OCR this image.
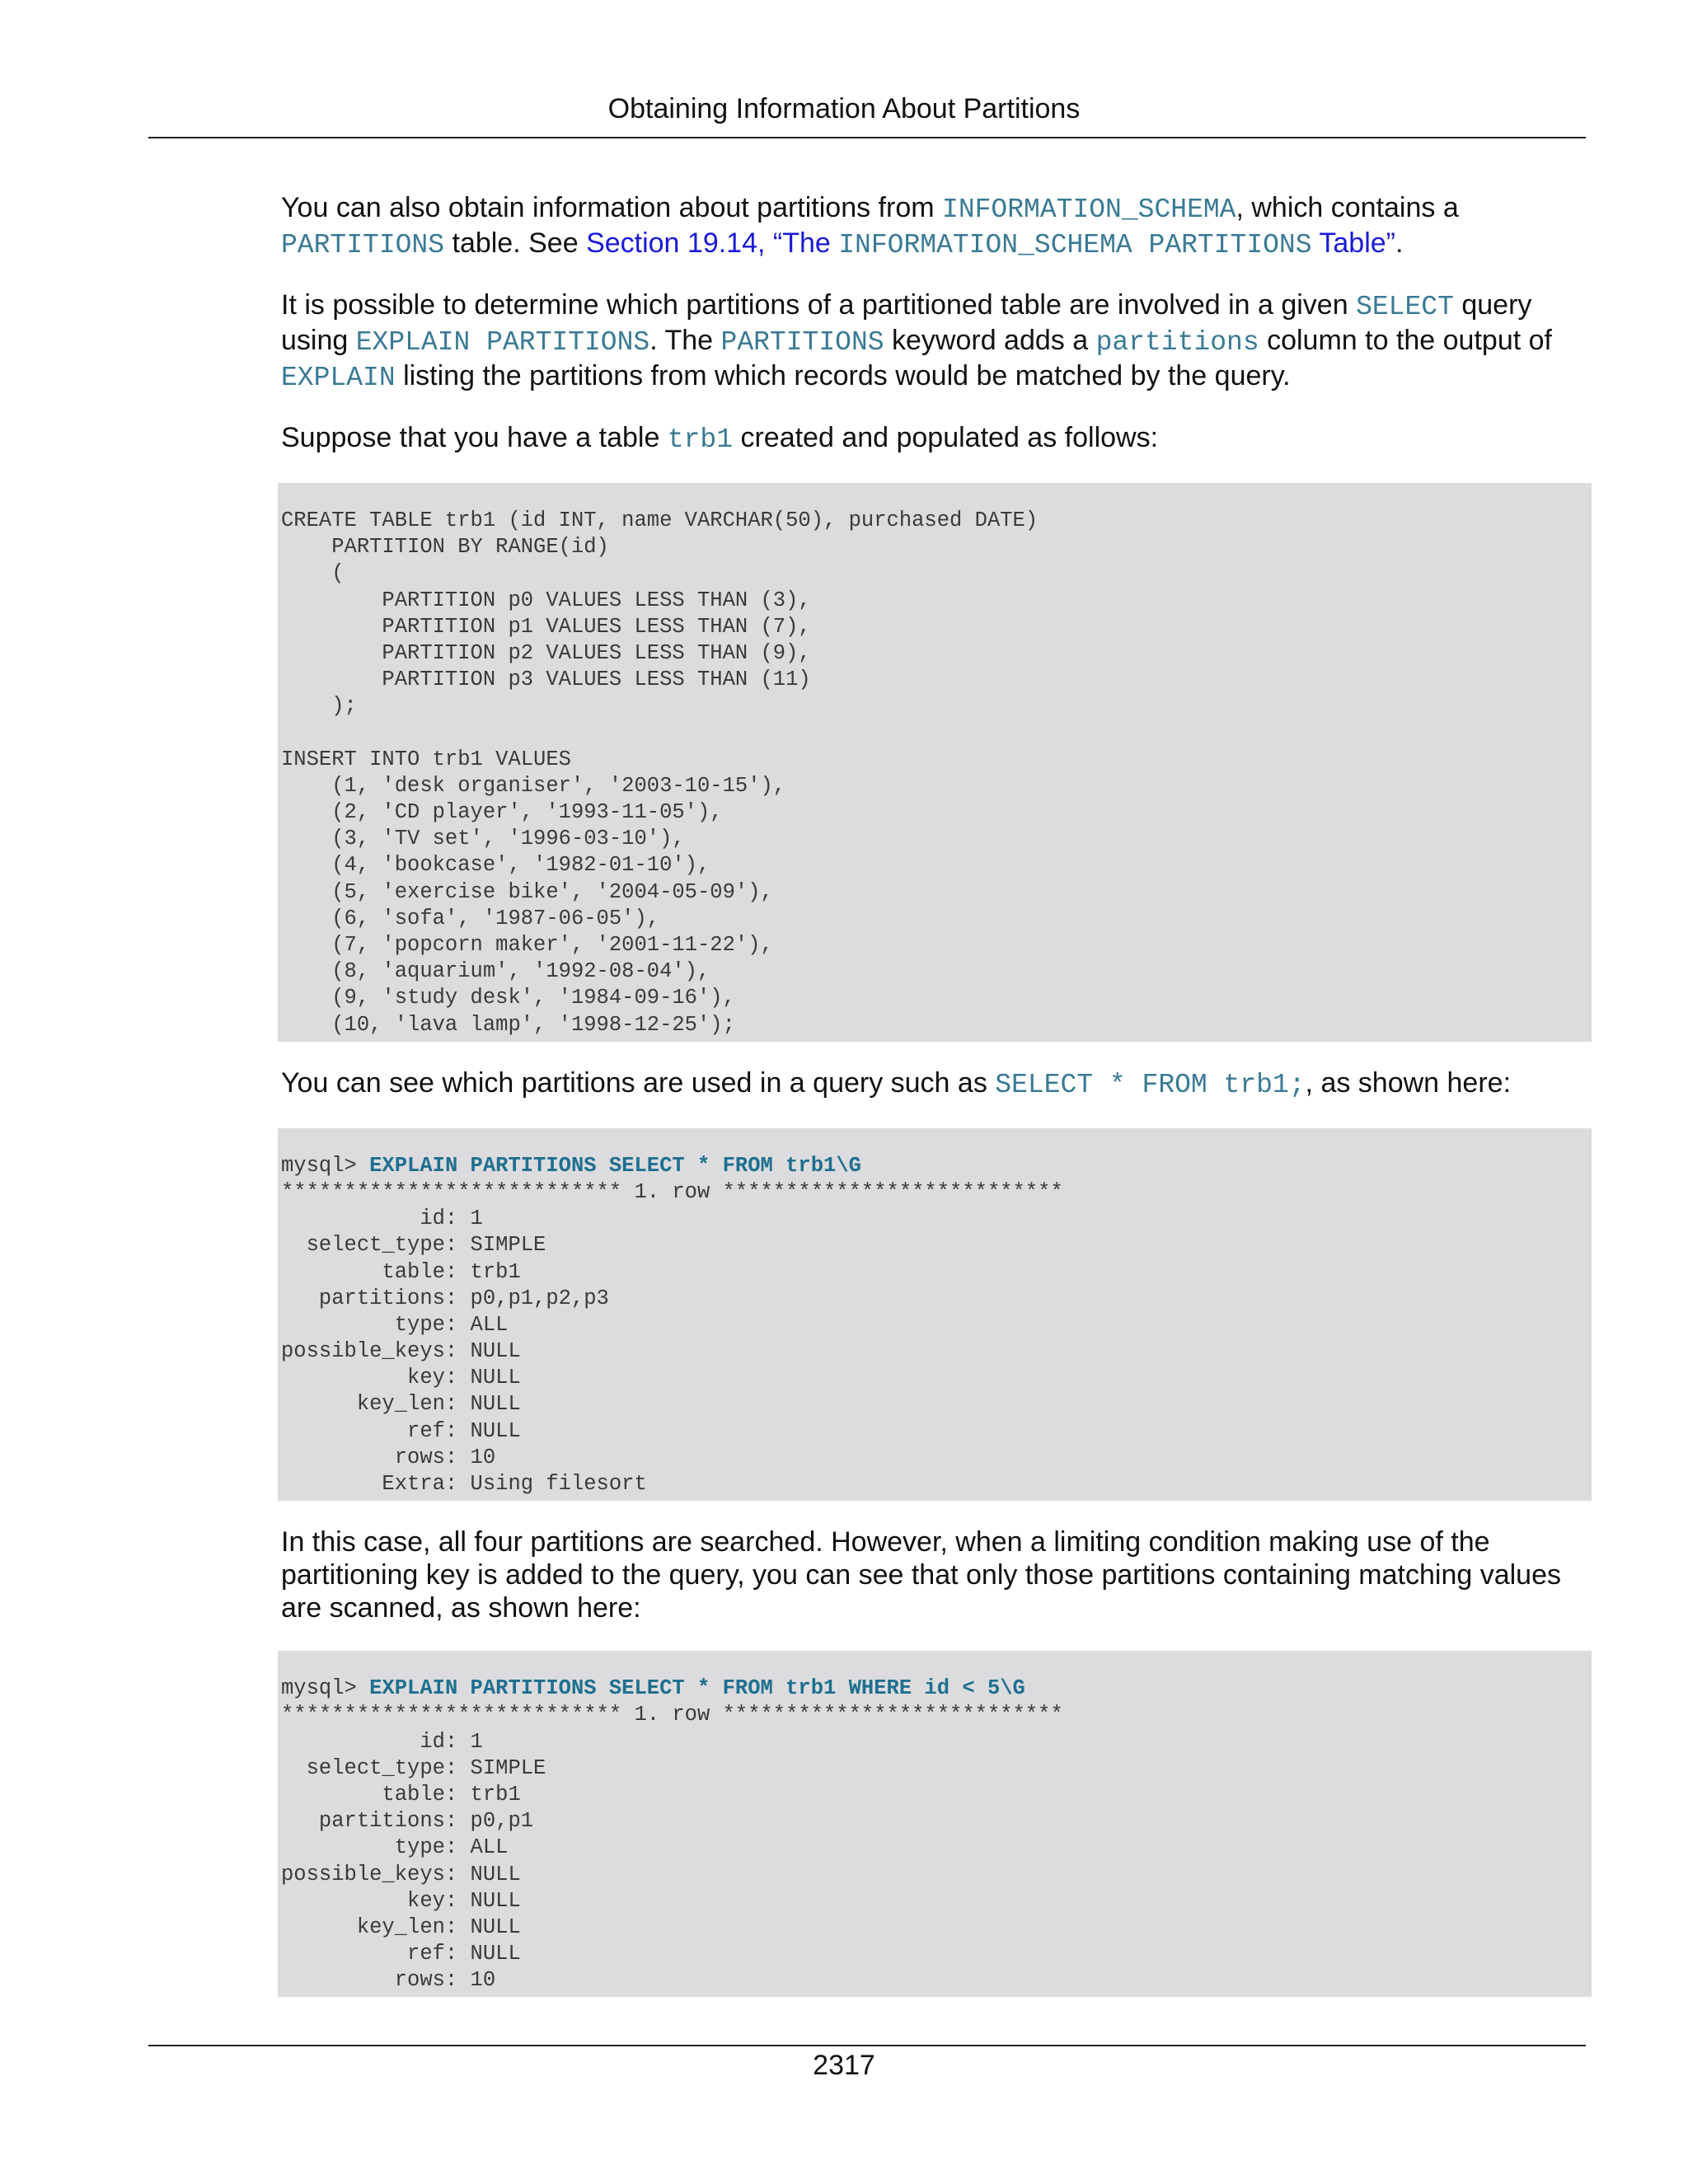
Obtaining Information About Partitions

You can also obtain information about partitions from INFORMATION_SCHEMA, which contains a PARTITIONS table. See Section 19.14, “The INFORMATION_SCHEMA PARTITIONS Table”.

It is possible to determine which partitions of a partitioned table are involved in a given SELECT query using EXPLAIN PARTITIONS. The PARTITIONS keyword adds a partitions column to the output of EXPLAIN listing the partitions from which records would be matched by the query.

Suppose that you have a table trb1 created and populated as follows:

CREATE TABLE trb1 (id INT, name VARCHAR(50), purchased DATE)
PARTITION BY RANGE(id)
(
PARTITION p0 VALUES LESS THAN (3),
PARTITION p1 VALUES LESS THAN (7),
PARTITION p2 VALUES LESS THAN (9),
PARTITION p3 VALUES LESS THAN (11)
);

INSERT INTO trb1 VALUES
(1, 'desk organiser', '2003-10-15'),
(2, 'CD player', '1993-11-05'),
(3, 'TV set', '1996-03-10'),
(4, 'bookcase', '1982-01-10'),
(5, 'exercise bike', '2004-05-09'),
(6, 'sofa', '1987-06-05'),
(7, 'popcorn maker', '2001-11-22'),
(8, 'aquarium', '1992-08-04'),
(9, 'study desk', '1984-09-16'),
(10, 'lava lamp', '1998-12-25');

You can see which partitions are used in a query such as SELECT * FROM trb1;, as shown here:

mysql> EXPLAIN PARTITIONS SELECT * FROM trb1\G
*************************** 1. row ***************************
id: 1
select_type: SIMPLE
table: trb1
partitions: p0,p1,p2,p3
type: ALL
possible_keys: NULL
key: NULL
key_len: NULL
ref: NULL
rows: 10
Extra: Using filesort

In this case, all four partitions are searched. However, when a limiting condition making use of the partitioning key is added to the query, you can see that only those partitions containing matching values are scanned, as shown here:

mysql> EXPLAIN PARTITIONS SELECT * FROM trb1 WHERE id < 5\G
*************************** 1. row ***************************
id: 1
select_type: SIMPLE
table: trb1
partitions: p0,p1
type: ALL
possible_keys: NULL
key: NULL
key_len: NULL
ref: NULL
rows: 10
2317
